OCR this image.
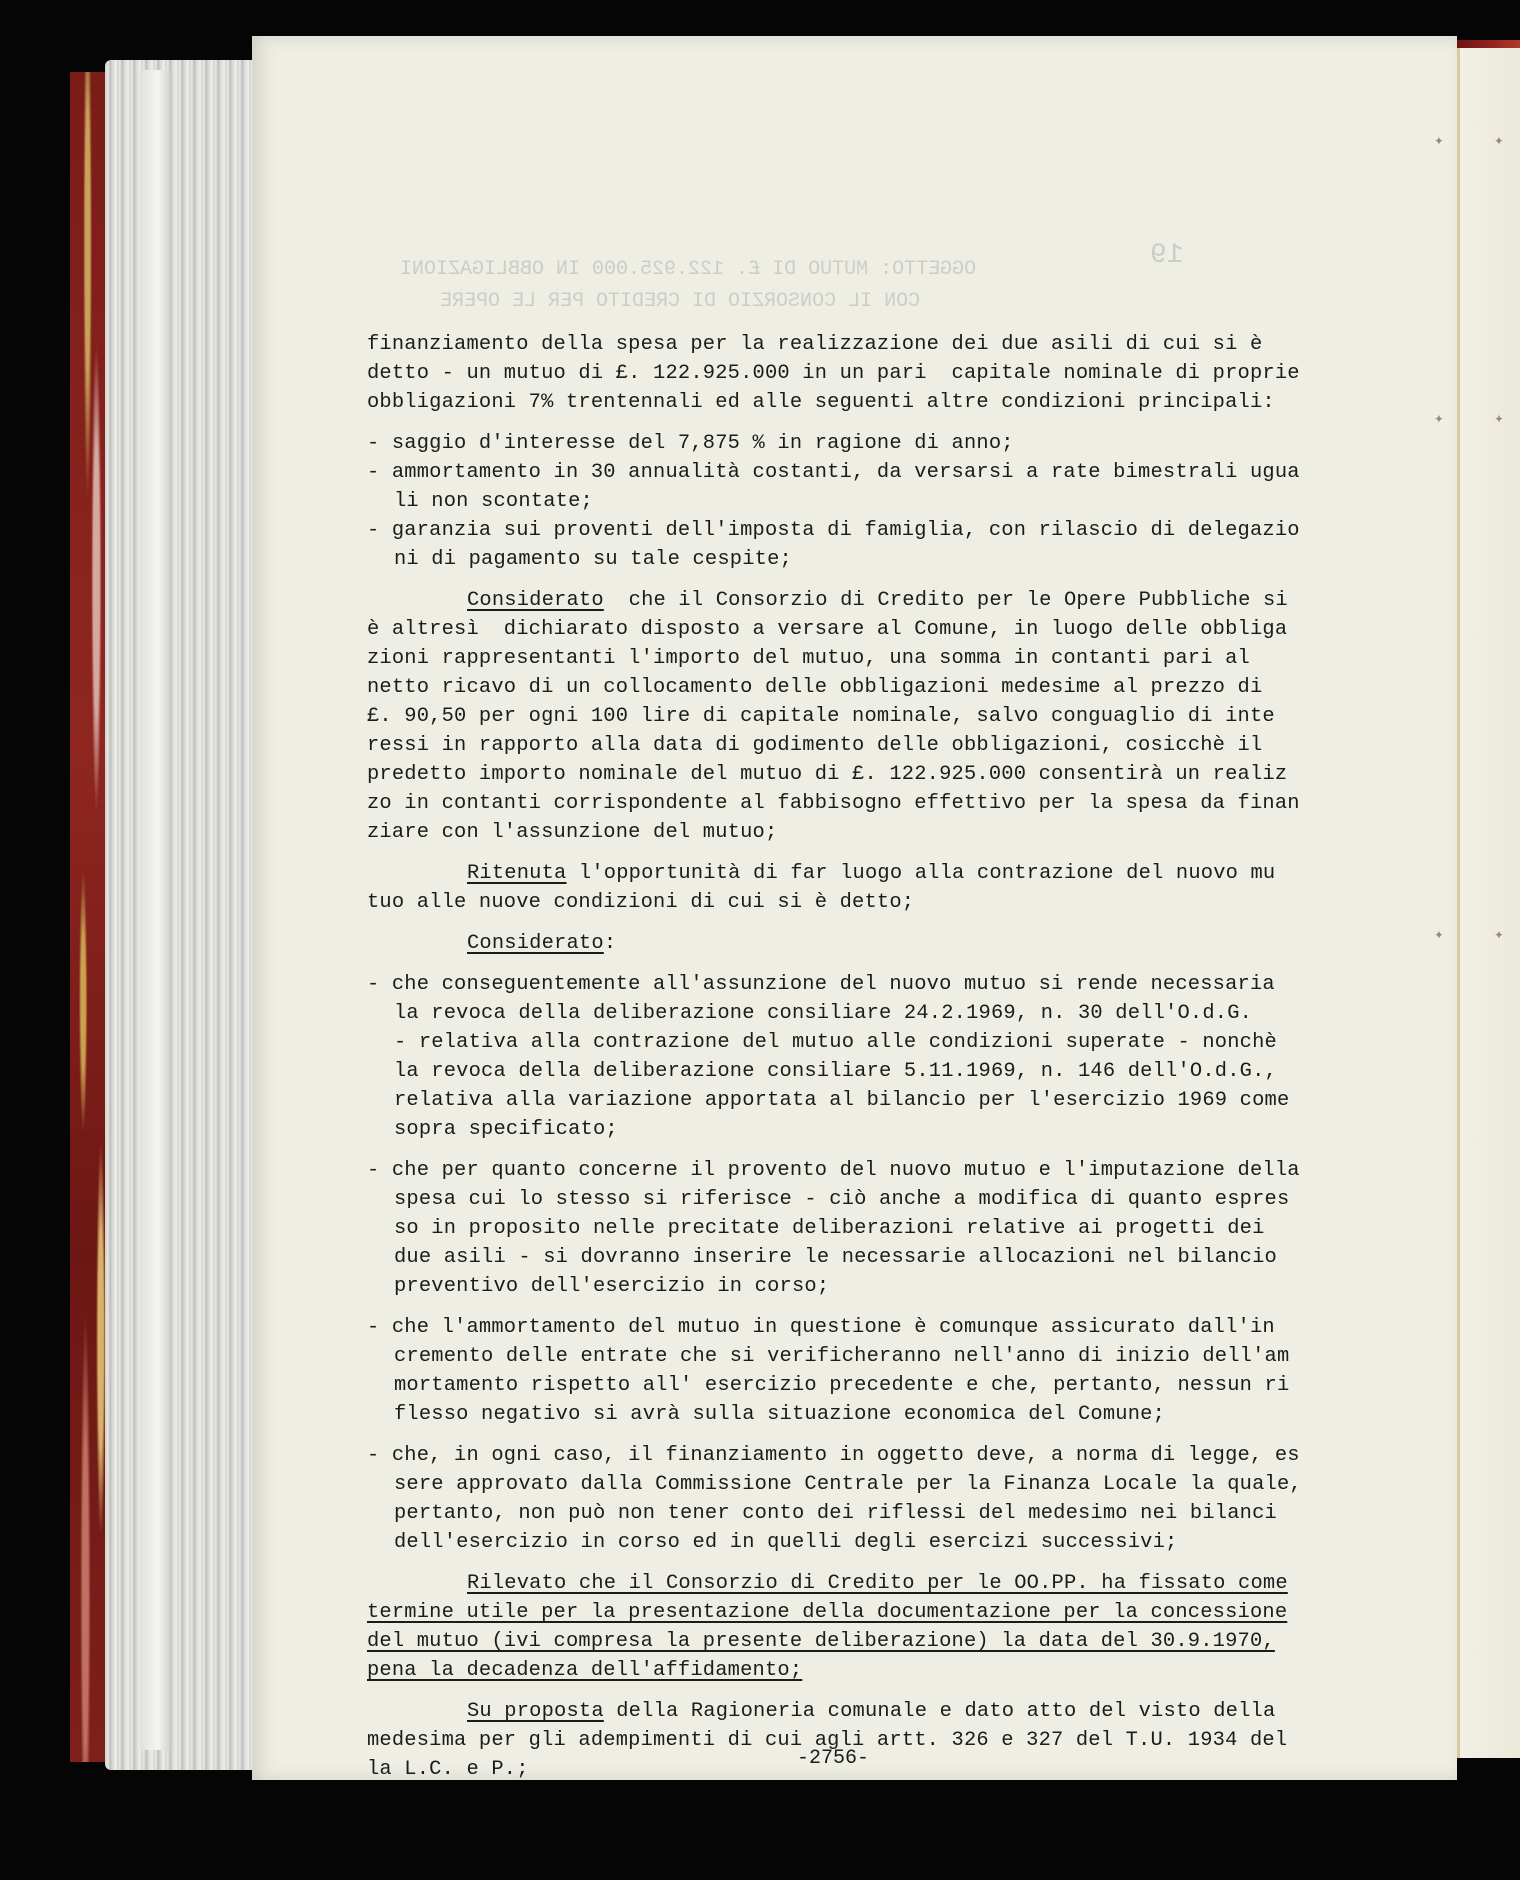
✦	✦
✦	✦
✦	✦
OGGETTO: MUTUO DI £. 122.925.000 IN OBBLIGAZIONI
CON IL CONSORZIO DI CREDITO PER LE OPERE
19
finanziamento della spesa per la realizzazione dei due asili di cui si è
detto - un mutuo di £. 122.925.000 in un pari  capitale nominale di proprie
obbligazioni 7% trentennali ed alle seguenti altre condizioni principali:
- saggio d'interesse del 7,875 % in ragione di anno;
- ammortamento in 30 annualità costanti, da versarsi a rate bimestrali ugua
li non scontate;
- garanzia sui proventi dell'imposta di famiglia, con rilascio di delegazio
ni di pagamento su tale cespite;
Considerato  che il Consorzio di Credito per le Opere Pubbliche si
è altresì  dichiarato disposto a versare al Comune, in luogo delle obbliga
zioni rappresentanti l'importo del mutuo, una somma in contanti pari al
netto ricavo di un collocamento delle obbligazioni medesime al prezzo di
£. 90,50 per ogni 100 lire di capitale nominale, salvo conguaglio di inte
ressi in rapporto alla data di godimento delle obbligazioni, cosicchè il
predetto importo nominale del mutuo di £. 122.925.000 consentirà un realiz
zo in contanti corrispondente al fabbisogno effettivo per la spesa da finan
ziare con l'assunzione del mutuo;
Ritenuta l'opportunità di far luogo alla contrazione del nuovo mu
tuo alle nuove condizioni di cui si è detto;
Considerato:
- che conseguentemente all'assunzione del nuovo mutuo si rende necessaria
la revoca della deliberazione consiliare 24.2.1969, n. 30 dell'O.d.G.
- relativa alla contrazione del mutuo alle condizioni superate - nonchè
la revoca della deliberazione consiliare 5.11.1969, n. 146 dell'O.d.G.,
relativa alla variazione apportata al bilancio per l'esercizio 1969 come
sopra specificato;
- che per quanto concerne il provento del nuovo mutuo e l'imputazione della
spesa cui lo stesso si riferisce - ciò anche a modifica di quanto espres
so in proposito nelle precitate deliberazioni relative ai progetti dei
due asili - si dovranno inserire le necessarie allocazioni nel bilancio
preventivo dell'esercizio in corso;
- che l'ammortamento del mutuo in questione è comunque assicurato dall'in
cremento delle entrate che si verificheranno nell'anno di inizio dell'am
mortamento rispetto all' esercizio precedente e che, pertanto, nessun ri
flesso negativo si avrà sulla situazione economica del Comune;
- che, in ogni caso, il finanziamento in oggetto deve, a norma di legge, es
sere approvato dalla Commissione Centrale per la Finanza Locale la quale,
pertanto, non può non tener conto dei riflessi del medesimo nei bilanci
dell'esercizio in corso ed in quelli degli esercizi successivi;
Rilevato che il Consorzio di Credito per le OO.PP. ha fissato come
termine utile per la presentazione della documentazione per la concessione
del mutuo (ivi compresa la presente deliberazione) la data del 30.9.1970,
pena la decadenza dell'affidamento;
Su proposta della Ragioneria comunale e dato atto del visto della
medesima per gli adempimenti di cui agli artt. 326 e 327 del T.U. 1934 del
la L.C. e P.;	-2756-
